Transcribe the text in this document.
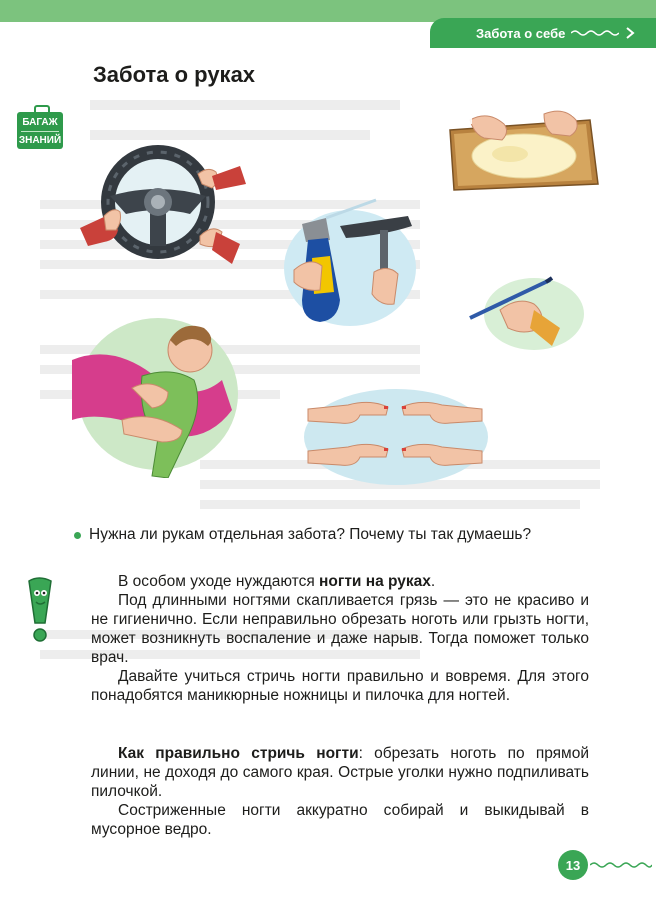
Забота о себе
Забота о руках
БАГАЖ
ЗНАНИЙ
Нужна ли рукам отдельная забота? Почему ты так думаешь?

В особом уходе нуждаются ногти на руках.

Под длинными ногтями скапливается грязь — это не красиво и не гигиенично. Если неправильно обрезать ноготь или грызть ногти, может возникнуть воспаление и даже нарыв. Тогда поможет только врач.

Давайте учиться стричь ногти правильно и вовремя. Для этого понадобятся маникюрные ножницы и пилочка для ногтей.

Как правильно стричь ногти: обрезать ноготь по прямой линии, не доходя до самого края. Острые уголки нужно подпиливать пилочкой.

Состриженные ногти аккуратно собирай и выкидывай в мусорное ведро.

13
